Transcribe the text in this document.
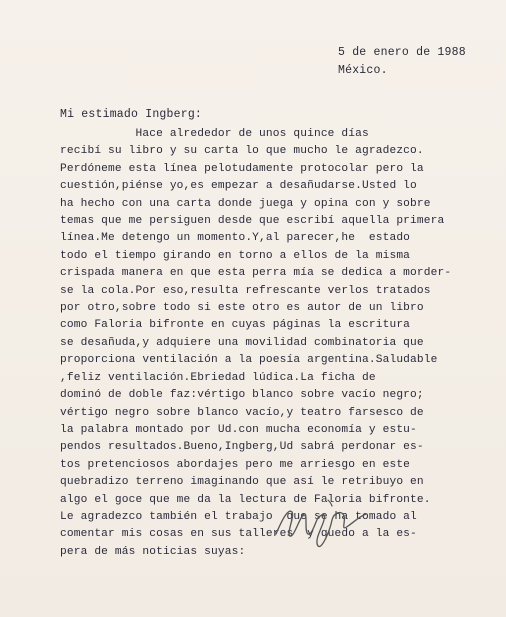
5 de enero de 1988
México.
Mi estimado Ingberg:
Hace alrededor de unos quince días
recibí su libro y su carta lo que mucho le agradezco.
Perdóneme esta línea pelotudamente protocolar pero la
cuestión,piénse yo,es empezar a desañudarse.Usted lo
ha hecho con una carta donde juega y opina con y sobre
temas que me persiguen desde que escribí aquella primera
línea.Me detengo un momento.Y,al parecer,he  estado
todo el tiempo girando en torno a ellos de la misma
crispada manera en que esta perra mía se dedica a morder-
se la cola.Por eso,resulta refrescante verlos tratados
por otro,sobre todo si este otro es autor de un libro
como Faloria bifronte en cuyas páginas la escritura
se desañuda,y adquiere una movilidad combinatoria que
proporciona ventilación a la poesía argentina.Saludable
,feliz ventilación.Ebriedad lúdica.La ficha de
dominó de doble faz:vértigo blanco sobre vacío negro;
vértigo negro sobre blanco vacío,y teatro farsesco de
la palabra montado por Ud.con mucha economía y estu-
pendos resultados.Bueno,Ingberg,Ud sabrá perdonar es-
tos pretenciosos abordajes pero me arriesgo en este
quebradizo terreno imaginando que así le retribuyo en
algo el goce que me da la lectura de Faloria bifronte.
Le agradezco también el trabajo  que se ha tomado al
comentar mis cosas en sus talleres  y quedo a la es-
pera de más noticias suyas:
